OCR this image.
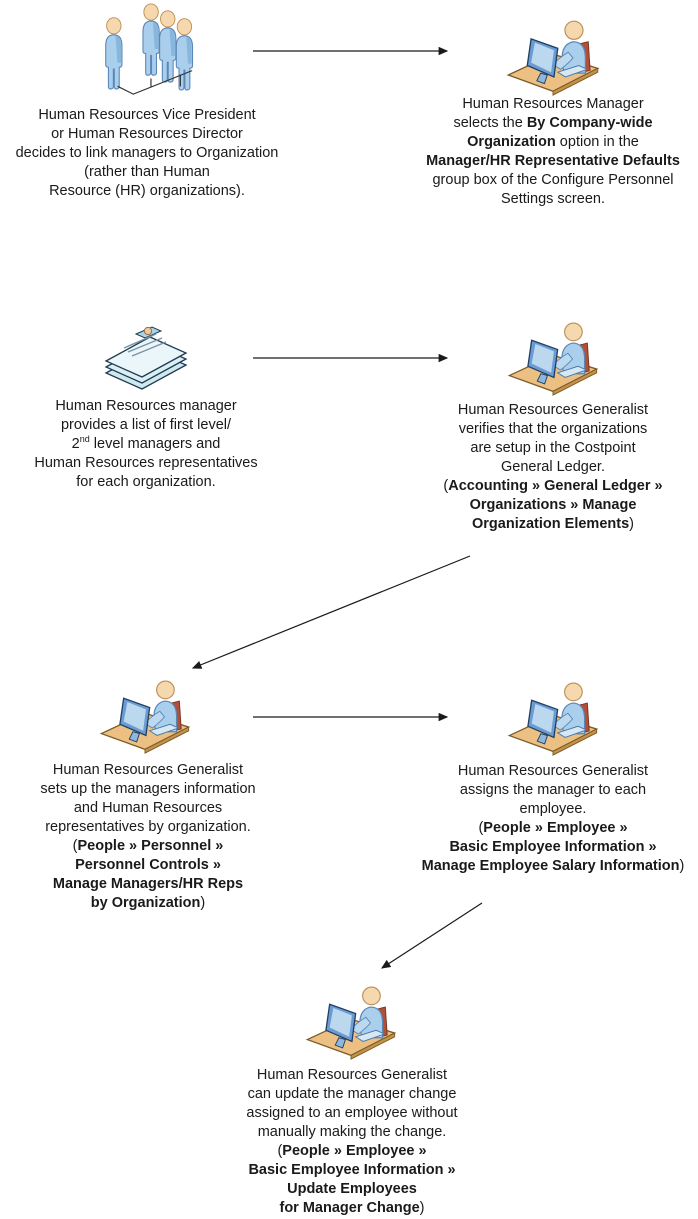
Human Resources Vice President
or Human Resources Director
decides to link managers to Organization
(rather than Human
Resource (HR) organizations).
Human Resources Manager
selects the By Company-wide
Organization option in the
Manager/HR Representative Defaults
group box of the Configure Personnel
Settings screen.
Human Resources manager
provides a list of first level/
2nd level managers and
Human Resources representatives
for each organization.
Human Resources Generalist
verifies that the organizations
are setup in the Costpoint
General Ledger.
(Accounting » General Ledger »
Organizations » Manage
Organization Elements)
Human Resources Generalist
sets up the managers information
and Human Resources
representatives by organization.
(People » Personnel »
Personnel Controls »
Manage Managers/HR Reps
by Organization)
Human Resources Generalist
assigns the manager to each
employee.
(People » Employee »
Basic Employee Information »
Manage Employee Salary Information)
Human Resources Generalist
can update the manager change
assigned to an employee without
manually making the change.
(People » Employee »
Basic Employee Information »
Update Employees
for Manager Change)
